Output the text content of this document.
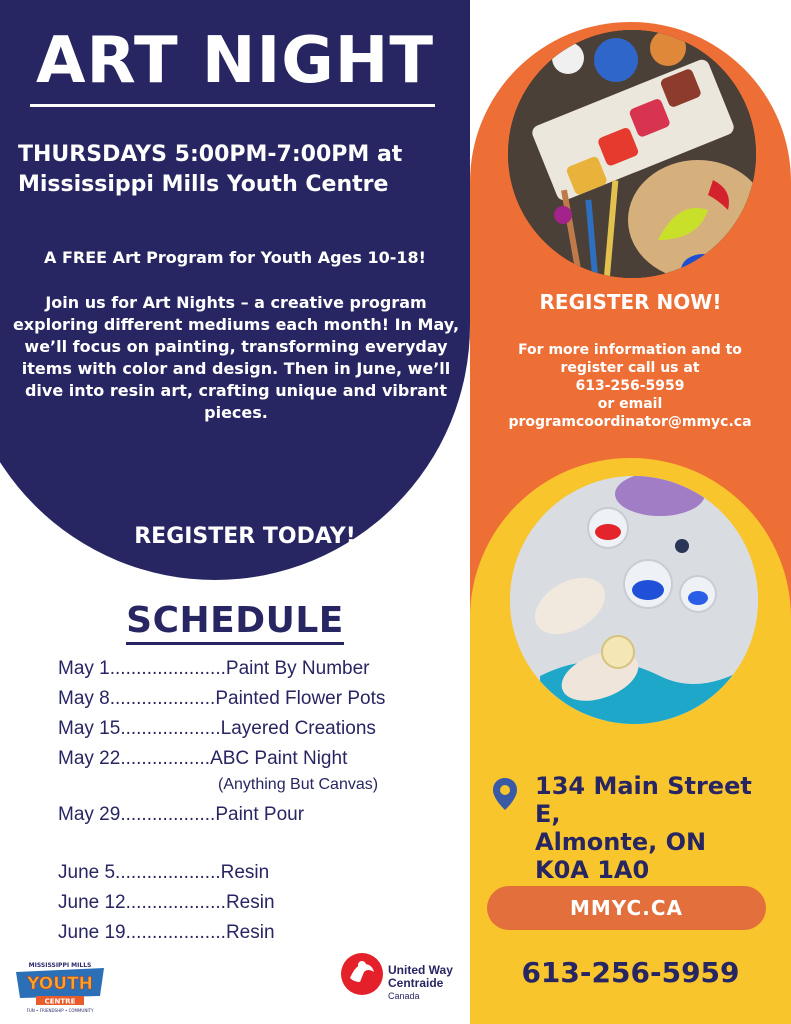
ART NIGHT
THURSDAYS 5:00PM-7:00PM at
Mississippi Mills Youth Centre
A FREE Art Program for Youth Ages 10-18!
Join us for Art Nights – a creative program exploring different mediums each month! In May, we’ll focus on painting, transforming everyday items with color and design. Then in June, we’ll dive into resin art, crafting unique and vibrant pieces.
REGISTER TODAY!
REGISTER NOW!
For more information and to
register call us at
613-256-5959
or email
programcoordinator@mmyc.ca
134 Main Street E,
Almonte, ON
K0A 1A0
MMYC.CA
613-256-5959
SCHEDULE
May 1......................Paint By Number
May 8....................Painted Flower Pots
May 15...................Layered Creations
May 22.................ABC Paint Night
(Anything But Canvas)
May 29..................Paint Pour
June 5....................Resin
June 12...................Resin
June 19...................Resin
MISSISSIPPI MILLS
YOUTH
CENTRE
FUN • FRIENDSHIP • COMMUNITY
United Way
Centraide
Canada
